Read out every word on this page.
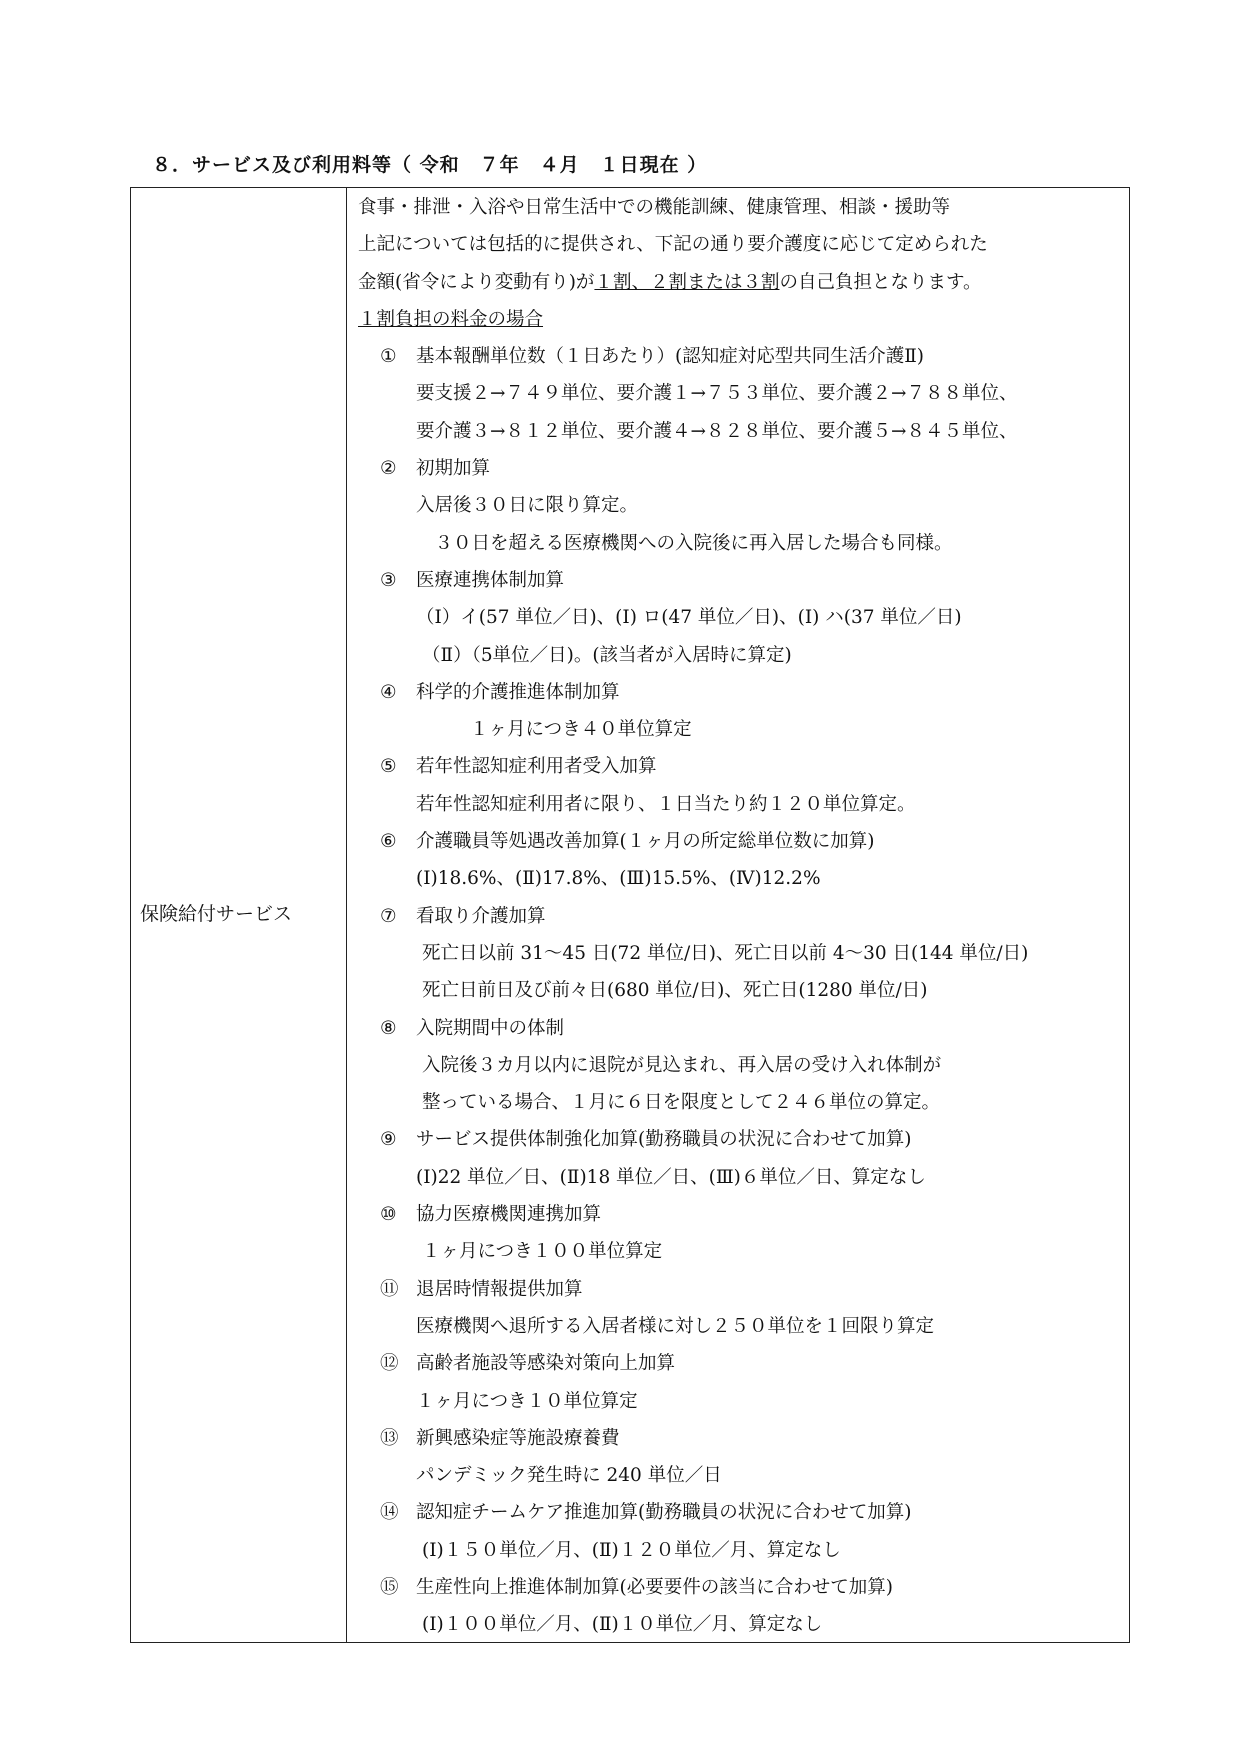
８．サービス及び利用料等（ 令和　７年　４月　１日現在 ）
保険給付サービス
食事・排泄・入浴や日常生活中での機能訓練、健康管理、相談・援助等
上記については包括的に提供され、下記の通り要介護度に応じて定められた
金額(省令により変動有り)が１割、２割または３割の自己負担となります。
１割負担の料金の場合
① 基本報酬単位数（１日あたり）(認知症対応型共同生活介護Ⅱ)
要支援２→７４９単位、要介護１→７５３単位、要介護２→７８８単位、
要介護３→８１２単位、要介護４→８２８単位、要介護５→８４５単位、
② 初期加算
入居後３０日に限り算定。
　３０日を超える医療機関への入院後に再入居した場合も同様。
③ 医療連携体制加算
（Ⅰ）イ(57 単位／日)、(Ⅰ) ロ(47 単位／日)、(Ⅰ) ハ(37 単位／日)
（Ⅱ）（5単位／日)。(該当者が入居時に算定)
④ 科学的介護推進体制加算
１ヶ月につき４０単位算定
⑤ 若年性認知症利用者受入加算
若年性認知症利用者に限り、１日当たり約１２０単位算定。
⑥ 介護職員等処遇改善加算(１ヶ月の所定総単位数に加算)
(Ⅰ)18.6%、(Ⅱ)17.8%、(Ⅲ)15.5%、(Ⅳ)12.2%
⑦ 看取り介護加算
死亡日以前 31～45 日(72 単位/日)、死亡日以前 4～30 日(144 単位/日)
死亡日前日及び前々日(680 単位/日)、死亡日(1280 単位/日)
⑧ 入院期間中の体制
入院後３カ月以内に退院が見込まれ、再入居の受け入れ体制が
整っている場合、１月に６日を限度として２４６単位の算定。
⑨ サービス提供体制強化加算(勤務職員の状況に合わせて加算)
(Ⅰ)22 単位／日、(Ⅱ)18 単位／日、(Ⅲ)６単位／日、算定なし
⑩ 協力医療機関連携加算
１ヶ月につき１００単位算定
⑪ 退居時情報提供加算
医療機関へ退所する入居者様に対し２５０単位を１回限り算定
⑫ 高齢者施設等感染対策向上加算
１ヶ月につき１０単位算定
⑬ 新興感染症等施設療養費
パンデミック発生時に 240 単位／日
⑭ 認知症チームケア推進加算(勤務職員の状況に合わせて加算)
(Ⅰ)１５０単位／月、(Ⅱ)１２０単位／月、算定なし
⑮ 生産性向上推進体制加算(必要要件の該当に合わせて加算)
(Ⅰ)１００単位／月、(Ⅱ)１０単位／月、算定なし
